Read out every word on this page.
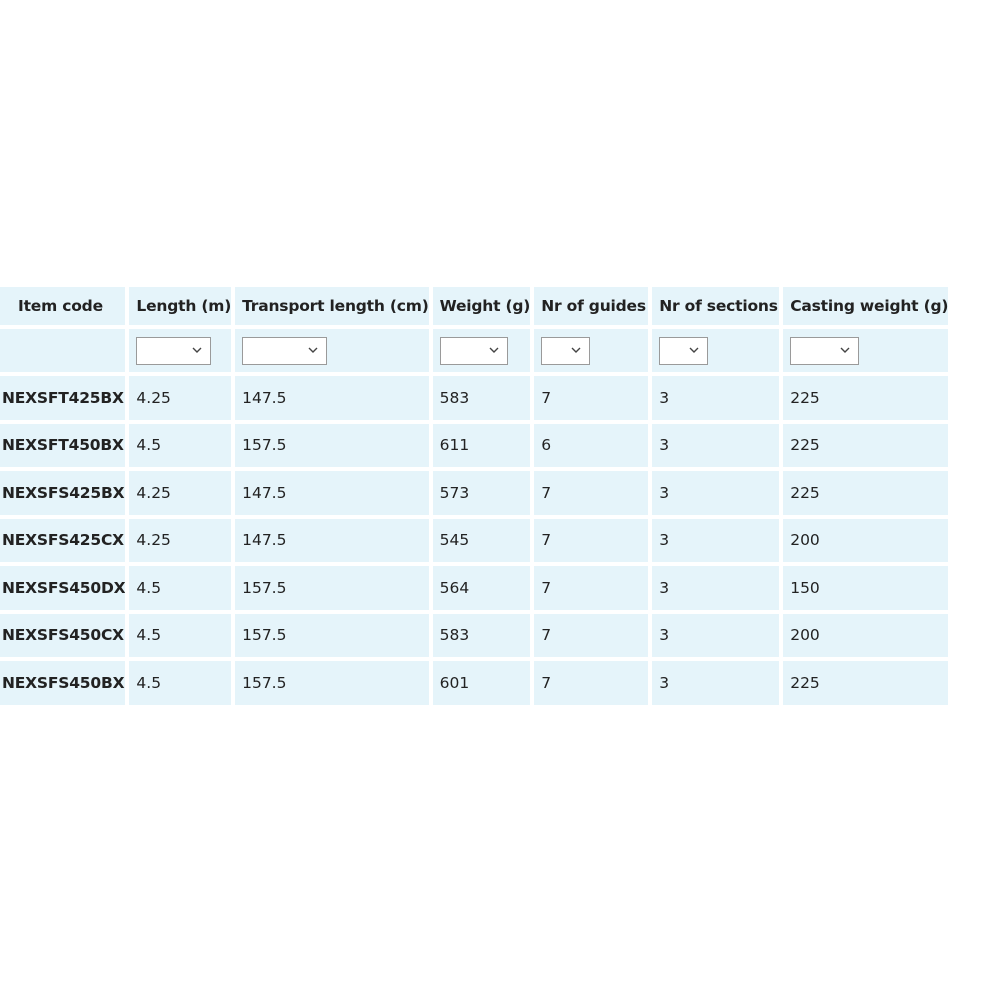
Item code	Length (m)	Transport length (cm)	Weight (g)	Nr of guides	Nr of sections	Casting weight (g)

NEXSFT425BX	4.25	147.5	583	7	3	225
NEXSFT450BX	4.5	157.5	611	6	3	225
NEXSFS425BX	4.25	147.5	573	7	3	225
NEXSFS425CX	4.25	147.5	545	7	3	200
NEXSFS450DX	4.5	157.5	564	7	3	150
NEXSFS450CX	4.5	157.5	583	7	3	200
NEXSFS450BX	4.5	157.5	601	7	3	225
